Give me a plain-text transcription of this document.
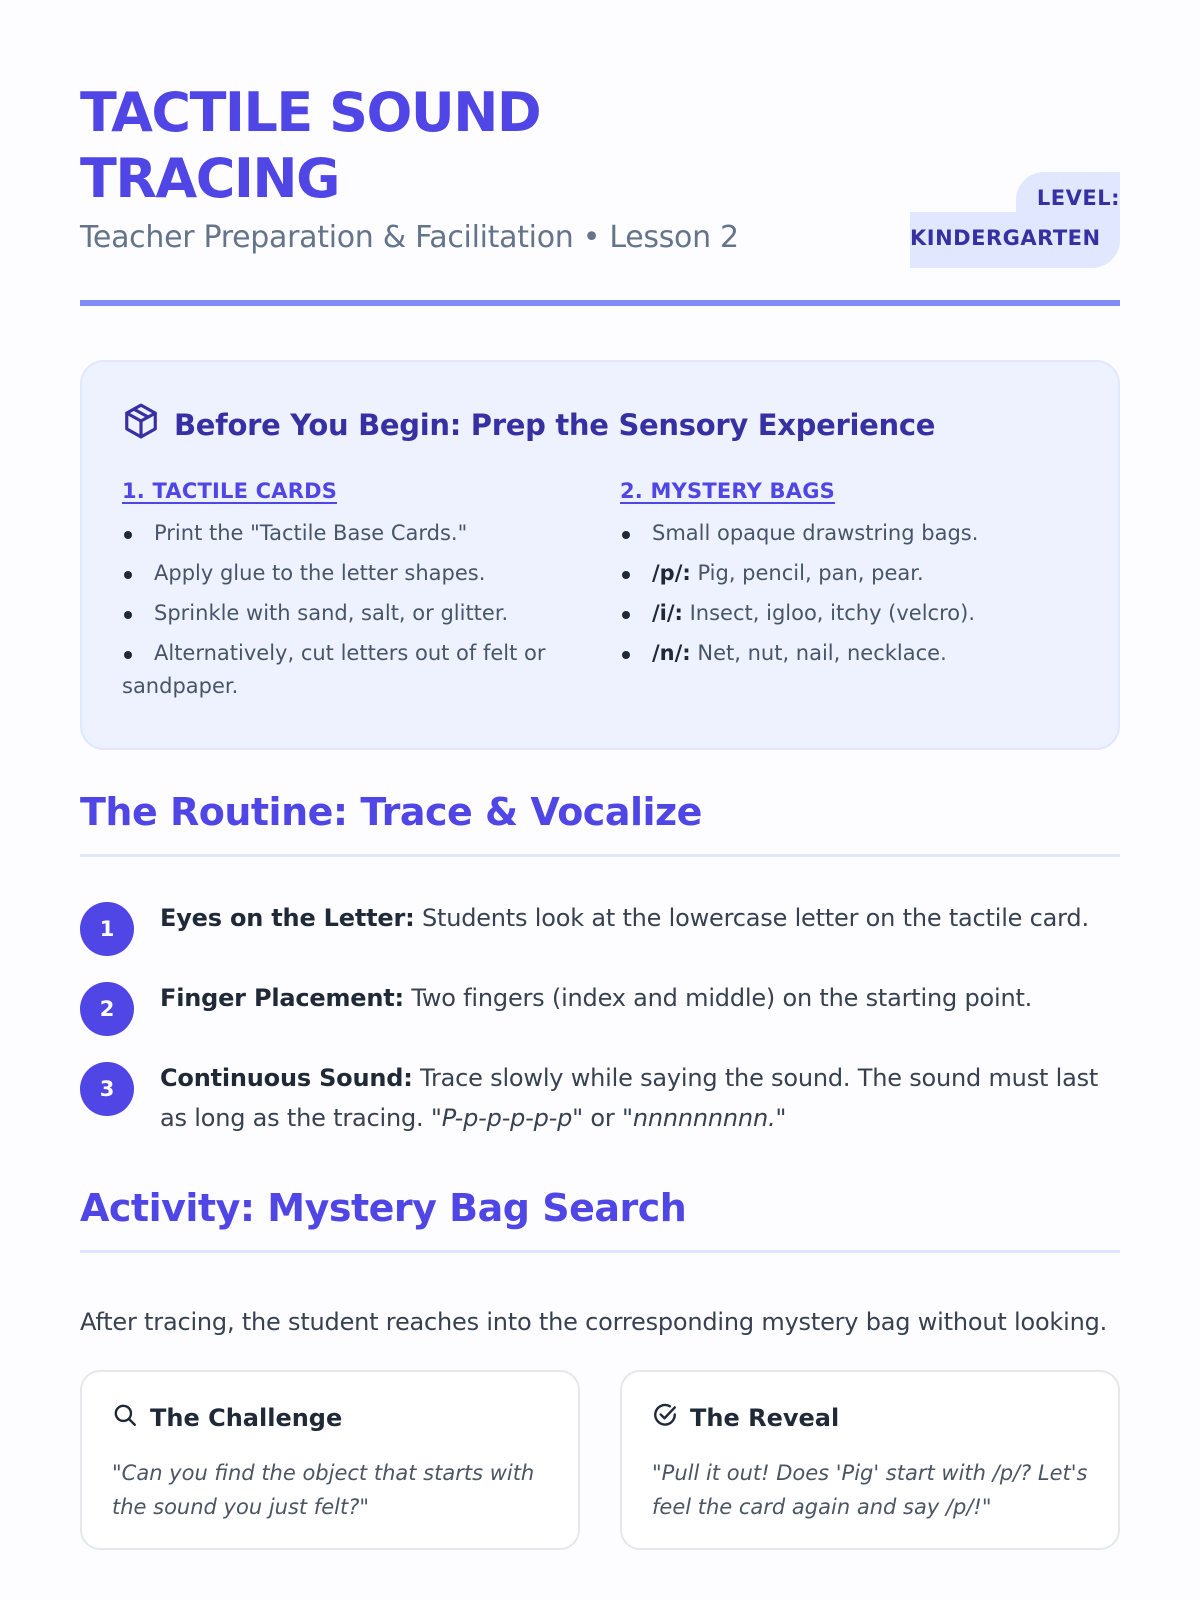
TACTILE SOUND
TRACING
Teacher Preparation & Facilitation • Lesson 2
LEVEL:
KINDERGARTEN
Before You Begin: Prep the Sensory Experience
1. TACTILE CARDS
Print the "Tactile Base Cards."
Apply glue to the letter shapes.
Sprinkle with sand, salt, or glitter.
Alternatively, cut letters out of felt or sandpaper.
2. MYSTERY BAGS
Small opaque drawstring bags.
/p/: Pig, pencil, pan, pear.
/i/: Insect, igloo, itchy (velcro).
/n/: Net, nut, nail, necklace.
The Routine: Trace & Vocalize
1	Eyes on the Letter: Students look at the lowercase letter on the tactile card.
2	Finger Placement: Two fingers (index and middle) on the starting point.
3	Continuous Sound: Trace slowly while saying the sound. The sound must last as long as the tracing. "P-p-p-p-p-p" or "nnnnnnnnn."
Activity: Mystery Bag Search

After tracing, the student reaches into the corresponding mystery bag without looking.

The Challenge

"Can you find the object that starts with the sound you just felt?"

The Reveal

"Pull it out! Does 'Pig' start with /p/? Let's feel the card again and say /p/!"
